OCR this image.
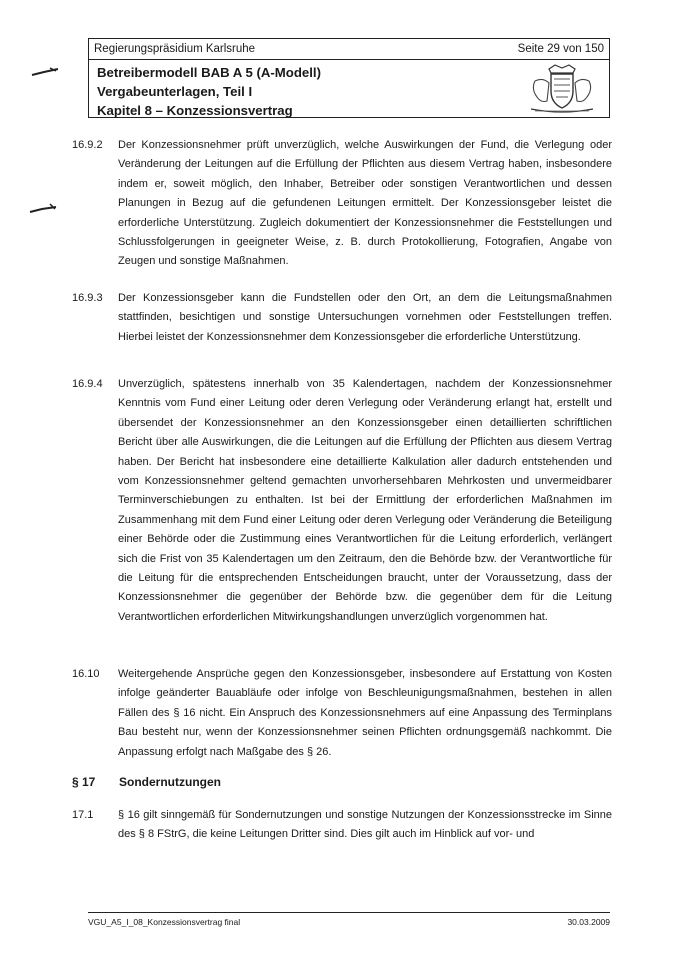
Regierungspräsidium Karlsruhe	Seite 29 von 150
Betreibermodell BAB A 5 (A-Modell)
Vergabeunterlagen, Teil I
Kapitel 8 – Konzessionsvertrag
16.9.2 Der Konzessionsnehmer prüft unverzüglich, welche Auswirkungen der Fund, die Verlegung oder Veränderung der Leitungen auf die Erfüllung der Pflichten aus diesem Vertrag haben, insbesondere indem er, soweit möglich, den Inhaber, Betreiber oder sonstigen Verantwortlichen und dessen Planungen in Bezug auf die gefundenen Leitungen ermittelt. Der Konzessionsgeber leistet die erforderliche Unterstützung. Zugleich dokumentiert der Konzessionsnehmer die Feststellungen und Schlussfolgerungen in geeigneter Weise, z. B. durch Protokollierung, Fotografien, Angabe von Zeugen und sonstige Maßnahmen.
16.9.3 Der Konzessionsgeber kann die Fundstellen oder den Ort, an dem die Leitungsmaßnahmen stattfinden, besichtigen und sonstige Untersuchungen vornehmen oder Feststellungen treffen. Hierbei leistet der Konzessionsnehmer dem Konzessionsgeber die erforderliche Unterstützung.
16.9.4 Unverzüglich, spätestens innerhalb von 35 Kalendertagen, nachdem der Konzessionsnehmer Kenntnis vom Fund einer Leitung oder deren Verlegung oder Veränderung erlangt hat, erstellt und übersendet der Konzessionsnehmer an den Konzessionsgeber einen detaillierten schriftlichen Bericht über alle Auswirkungen, die die Leitungen auf die Erfüllung der Pflichten aus diesem Vertrag haben. Der Bericht hat insbesondere eine detaillierte Kalkulation aller dadurch entstehenden und vom Konzessionsnehmer geltend gemachten unvorhersehbaren Mehrkosten und unvermeidbarer Terminverschiebungen zu enthalten. Ist bei der Ermittlung der erforderlichen Maßnahmen im Zusammenhang mit dem Fund einer Leitung oder deren Verlegung oder Veränderung die Beteiligung einer Behörde oder die Zustimmung eines Verantwortlichen für die Leitung erforderlich, verlängert sich die Frist von 35 Kalendertagen um den Zeitraum, den die Behörde bzw. der Verantwortliche für die Leitung für die entsprechenden Entscheidungen braucht, unter der Voraussetzung, dass der Konzessionsnehmer die gegenüber der Behörde bzw. die gegenüber dem für die Leitung Verantwortlichen erforderlichen Mitwirkungshandlungen unverzüglich vorgenommen hat.
16.10 Weitergehende Ansprüche gegen den Konzessionsgeber, insbesondere auf Erstattung von Kosten infolge geänderter Bauabläufe oder infolge von Beschleunigungsmaßnahmen, bestehen in allen Fällen des § 16 nicht. Ein Anspruch des Konzessionsnehmers auf eine Anpassung des Terminplans Bau besteht nur, wenn der Konzessionsnehmer seinen Pflichten ordnungsgemäß nachkommt. Die Anpassung erfolgt nach Maßgabe des § 26.
§ 17 Sondernutzungen
17.1 § 16 gilt sinngemäß für Sondernutzungen und sonstige Nutzungen der Konzessionsstrecke im Sinne des § 8 FStrG, die keine Leitungen Dritter sind. Dies gilt auch im Hinblick auf vor- und
VGU_A5_I_08_Konzessionsvertrag final	30.03.2009
